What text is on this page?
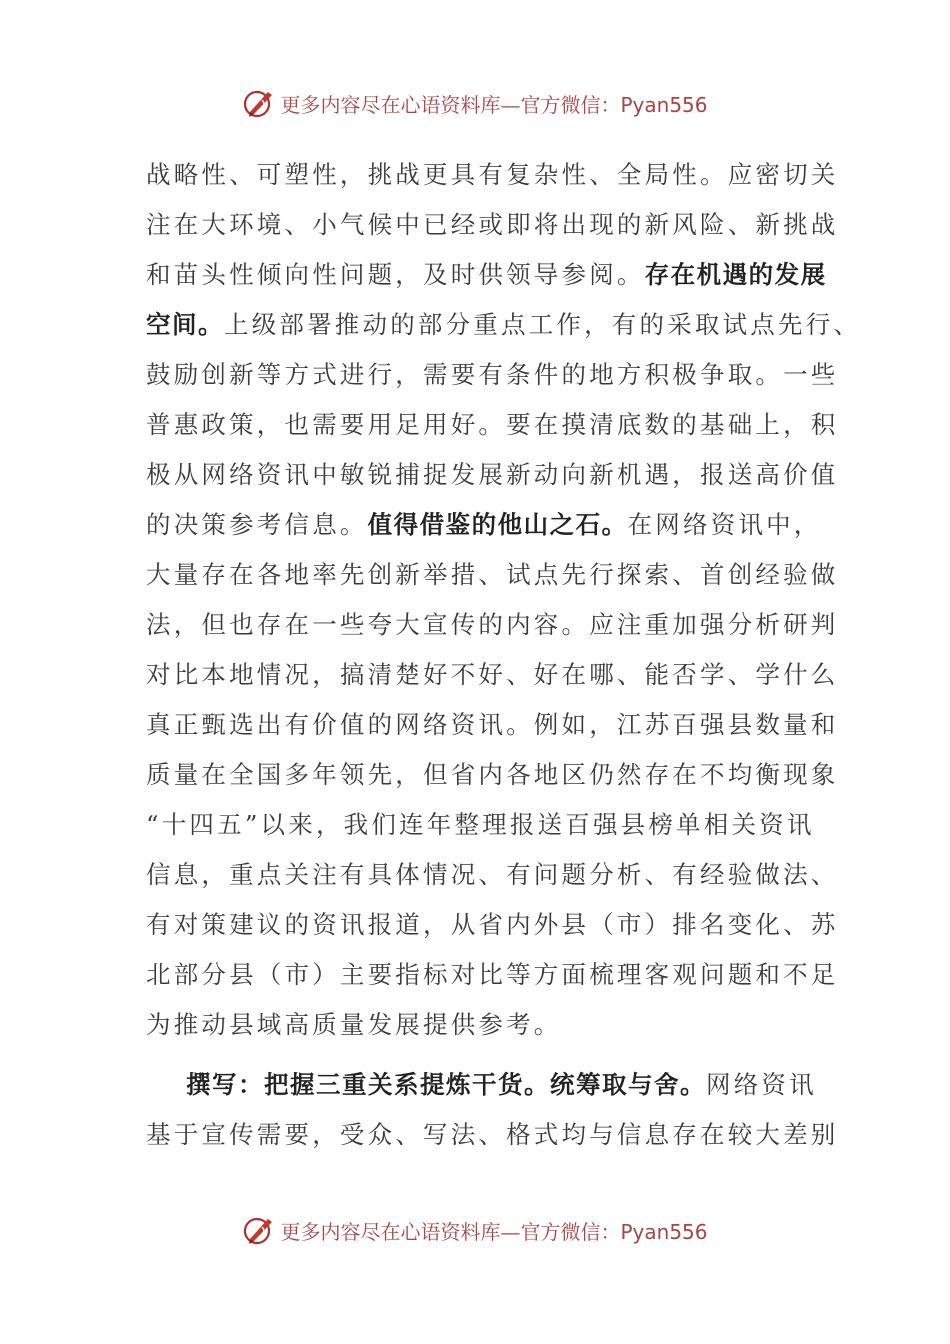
更多内容尽在心语资料库—官方微信：Pyan556
战略性、可塑性，挑战更具有复杂性、全局性。应密切关
注在大环境、小气候中已经或即将出现的新风险、新挑战
和苗头性倾向性问题，及时供领导参阅。存在机遇的发展
空间。上级部署推动的部分重点工作，有的采取试点先行、
鼓励创新等方式进行，需要有条件的地方积极争取。一些
普惠政策，也需要用足用好。要在摸清底数的基础上，积
极从网络资讯中敏锐捕捉发展新动向新机遇，报送高价值
的决策参考信息。值得借鉴的他山之石。在网络资讯中，
大量存在各地率先创新举措、试点先行探索、首创经验做
法，但也存在一些夸大宣传的内容。应注重加强分析研判
对比本地情况，搞清楚好不好、好在哪、能否学、学什么
真正甄选出有价值的网络资讯。例如，江苏百强县数量和
质量在全国多年领先，但省内各地区仍然存在不均衡现象
“十四五”以来，我们连年整理报送百强县榜单相关资讯
信息，重点关注有具体情况、有问题分析、有经验做法、
有对策建议的资讯报道，从省内外县（市）排名变化、苏
北部分县（市）主要指标对比等方面梳理客观问题和不足
为推动县域高质量发展提供参考。
撰写：把握三重关系提炼干货。统筹取与舍。网络资讯
基于宣传需要，受众、写法、格式均与信息存在较大差别
更多内容尽在心语资料库—官方微信：Pyan556
